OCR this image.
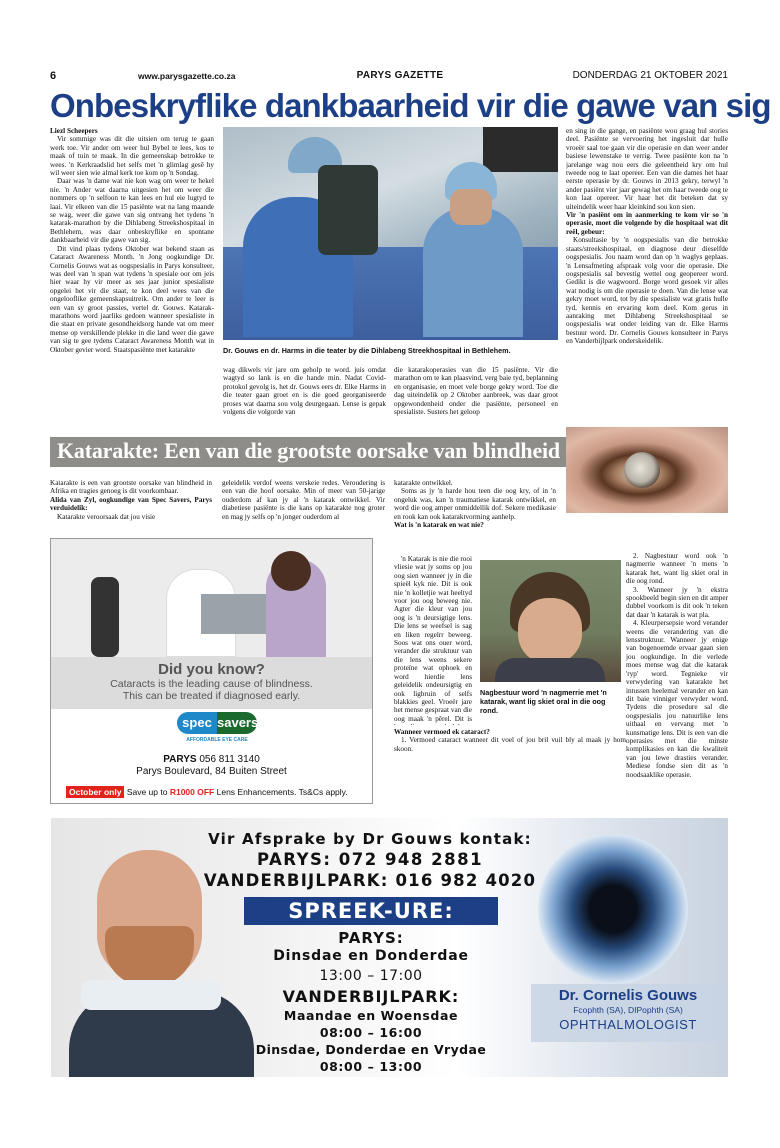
6	www.parysgazette.co.za	PARYS GAZETTE	DONDERDAG 21 OKTOBER 2021
Onbeskryflike dankbaarheid vir die gawe van sig

Liezl Scheepers

Vir sommige was dit die uitsien om terug te gaan werk toe. Vir ander om weer hul Bybel te lees, kos te maak of tuin te maak. In die gemeenskap betrokke te wees. 'n Kerkraadslid het selfs met 'n glimlag gesê hy wil weer sien wie almal kerk toe kom op 'n Sondag.

Daar was 'n dame wat nie kon wag om weer te hekel nie. 'n Ander wat daarna uitgesien het om weer die nommers op 'n selfoon te kan lees en hul eie lugtyd te laai. Vir elkeen van die 15 pasiënte wat na lang maande se wag, weer die gawe van sig ontvang het tydens 'n katarak-marathon by die Dihlabeng Streekshospitaal in Bethlehem, was daar onbeskryflike en spontane dankbaarheid vir die gawe van sig.

Dit vind plaas tydens Oktober wat bekend staan as Cataract Awareness Month. 'n Jong oogkundige Dr. Cornelis Gouws wat as oogspesialis in Parys konsulteer, was deel van 'n span wat tydens 'n spesiale oor om jeis hier waar hy vir meer as ses jaar junior spesialiste opgelei het vir die staat, te kon deel wees van die ongelooflike gemeenskapsuitreik. Om ander te leer is een van sy groot passies, vertel dr. Gouws. Katarak-marathons word jaarliks gedoen wanneer spesialiste in die staat en private gesondheidsorg hande vat om meer mense op verskillende plekke in die land weer die gawe van sig te gee tydens Cataract Awareness Month wat in Oktober gevier word. Staatspasiënte met katarakte	Dr. Gouws en dr. Harms in die teater by die Dihlabeng Streekhospitaal in Bethlehem.

wag dikwels vir jare om geholp te word. juis omdat wagtyd so lank is en die hande min. Nadat Covid-protokol gevolg is, het dr. Gouws eers dr. Elke Harms in die teater gaan groet en is die goed georganiseerde proses wat daarna sou volg deurgegaan. Lense is gepak volgens die volgorde van

die katarakoperasies van die 15 pasiënte. Vir die marathon om te kan plaasvind, verg baie tyd, beplanning en organisasie, en moet vele borge gekry word. Toe die dag uiteindelik op 2 Oktober aanbreek, was daar groot opgewondenheid onder die pasiënte, personeel en spesialiste. Susters het geloop

en sing in die gange, en pasiënte wou graag hul stories deel. Pasiënte se vervoering het ingesluit dat hulle vroeër saal toe gaan vir die operasie en dan weer ander basiese lewenstake te verrig. Twee pasiënte kon na 'n jarelange wag nou eers die geleentheid kry om hul tweede oog te laat opereer. Een van die dames het haar eerste operasie by dr. Gouws in 2013 gekry, terwyl 'n ander pasiënt vier jaar gewag het om haar tweede oog te kon laat opereer. Vir haar het dit beteken dat sy uiteindelik weer haar kleinkind sou kon sien.

Vir 'n pasiënt om in aanmerking te kom vir so 'n operasie, moet die volgende by die hospitaal wat dit reël, gebeur:

Konsultasie by 'n oogspesialis van die betrokke staats/streekshospitaal, en diagnose deur dieselfde oogspesialis. Jou naam word dan op 'n waglys geplaas. 'n Lensafmeting afspraak volg voor die operasie. Die oogspesialis sal bevestig wettel oog geopereer word. Gedikt is die wagwoord. Borge word gesoek vir alles wat nodig is om die operasie te doen. Van die lense wat gekry moet word, tot by die spesialiste wat gratis hulle tyd, kennis en ervaring kom deel. Kom gerus in aanraking met Dihlabeng Streekshospitaal se oogspesialis wat onder leiding van dr. Elke Harms bestuur word. Dr. Cornelis Gouws konsulteer in Parys en Vanderbijlpark onderskeidelik.

Katarakte: Een van die grootste oorsake van blindheid

Katarakte is een van grootste oorsake van blindheid in Afrika en tragies genoeg is dit voorkombaar.

Alida van Zyl, oogkundige van Spec Savers, Parys verduidelik:

Katarakte veroorsaak dat jou visie

geleidelik verdof weens verskeie redes. Veroudering is een van die hoof oorsake. Min of meer van 50-jarige ouderdom af kan jy al 'n katarak ontwikkel. Vir diabetiese pasiënte is die kans op katarakte nog groter en mag jy selfs op 'n jonger ouderdom al

katarakte ontwikkel.

Soms as jy 'n harde hou teen die oog kry, of in 'n ongeluk was, kan 'n traumatiese katarak ontwikkel, en word die oog amper onmiddellik dof. Sekere medikasie en rook kan ook kataraktvorming aanhelp.

Wat is 'n katarak en wat nie?

'n Katarak is nie die rooi vliesie wat jy soms op jou oog sien wanneer jy in die spieël kyk nie. Dit is ook nie 'n kolletjie wat heeltyd voor jou oog beweeg nie. Agter die kleur van jou oog is 'n deursigtige lens. Die lens se weefsel is sag en liken regelrr beweeg. Soos wat ons ouer word, verander die struktuur van die lens weens sekere proteïne wat ophoek en word hierdie lens geleidelik ondeursigtig en ook ligbruin of selfs blakkies geel. Vroeër jare het mense gespraat van die oog maak 'n pêrel. Dit is

Wanneer vermoed ek cataract?

1. Vermoed cataract wanneer dit voel of jou bril vuil bly al maak jy hom skoon.

Nagbestuur word 'n nagmerrie met 'n katarak, want lig skiet oral in die oog rond.

2. Nagbestuur word ook 'n nagmerrie wanneer 'n mens 'n katarak het, want lig skiet oral in die oog rond.

3. Wanneer jy 'n ekstra spookbeeld begin sien en dit amper dubbel voorkom is dit ook 'n teken dat daar 'n katarak is wat pla.

4. Kleurpersepsie word verander weens die verandering van die lensstruktuur. Wanneer jy enige van bogenoemde ervaar gaan sien jou oogkundige. In die verlede moes mense wag dat die katarak 'ryp' word. Tegnieke vir verwydering van katarakte het intussen heelemal verander en kan dit baie vinniger verwyder word. Tydens die prosedure sal die oogspesialis jou natuurlike lens uithaal en vervang met 'n kunsmatige lens. Dit is een van die operasies met die minste komplikasies en kan die kwaliteit van jou lewe drasties verander. Mediese fondse sien dit as 'n noodsaaklike operasie.

Did you know?
Cataracts is the leading cause of blindness.
This can be treated if diagnosed early.
spec savers
AFFORDABLE EYE CARE
PARYS 056 811 3140
Parys Boulevard, 84 Buiten Street
October only Save up to R1000 OFF Lens Enhancements. Ts&Cs apply.
Vir Afsprake by Dr Gouws kontak:
PARYS: 072 948 2881
VANDERBIJLPARK: 016 982 4020
SPREEK-URE:
PARYS:
Dinsdae en Donderdae
13:00 – 17:00
VANDERBIJLPARK:
Maandae en Woensdae
08:00 – 16:00
Dinsdae, Donderdae en Vrydae
08:00 – 13:00
Dr. Cornelis Gouws
Fcophth (SA), DIPophth (SA)
OPHTHALMOLOGIST
